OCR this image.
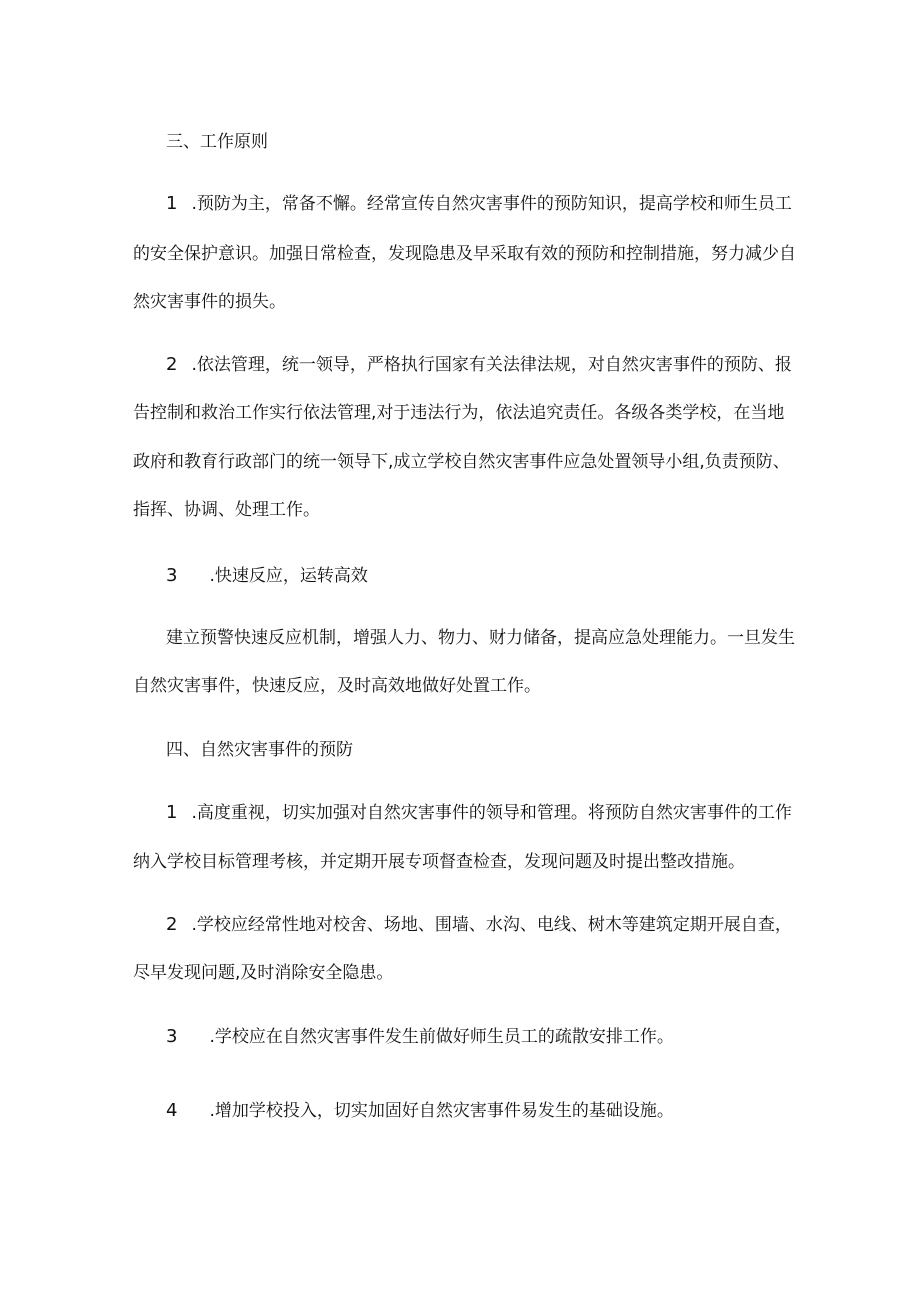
三、工作原则
1 .预防为主，常备不懈。经常宣传自然灾害事件的预防知识，提高学校和师生员工
的安全保护意识。加强日常检查，发现隐患及早采取有效的预防和控制措施，努力减少自
然灾害事件的损失。
2 .依法管理，统一领导，严格执行国家有关法律法规，对自然灾害事件的预防、报
告控制和救治工作实行依法管理,对于违法行为，依法追究责任。各级各类学校，在当地
政府和教育行政部门的统一领导下,成立学校自然灾害事件应急处置领导小组,负责预防、
指挥、协调、处理工作。
3 .快速反应，运转高效
建立预警快速反应机制，增强人力、物力、财力储备，提高应急处理能力。一旦发生
自然灾害事件，快速反应，及时高效地做好处置工作。
四、自然灾害事件的预防
1 .高度重视，切实加强对自然灾害事件的领导和管理。将预防自然灾害事件的工作
纳入学校目标管理考核，并定期开展专项督查检查，发现问题及时提出整改措施。
2 .学校应经常性地对校舍、场地、围墙、水沟、电线、树木等建筑定期开展自查，
尽早发现问题,及时消除安全隐患。
3 .学校应在自然灾害事件发生前做好师生员工的疏散安排工作。
4 .增加学校投入，切实加固好自然灾害事件易发生的基础设施。
